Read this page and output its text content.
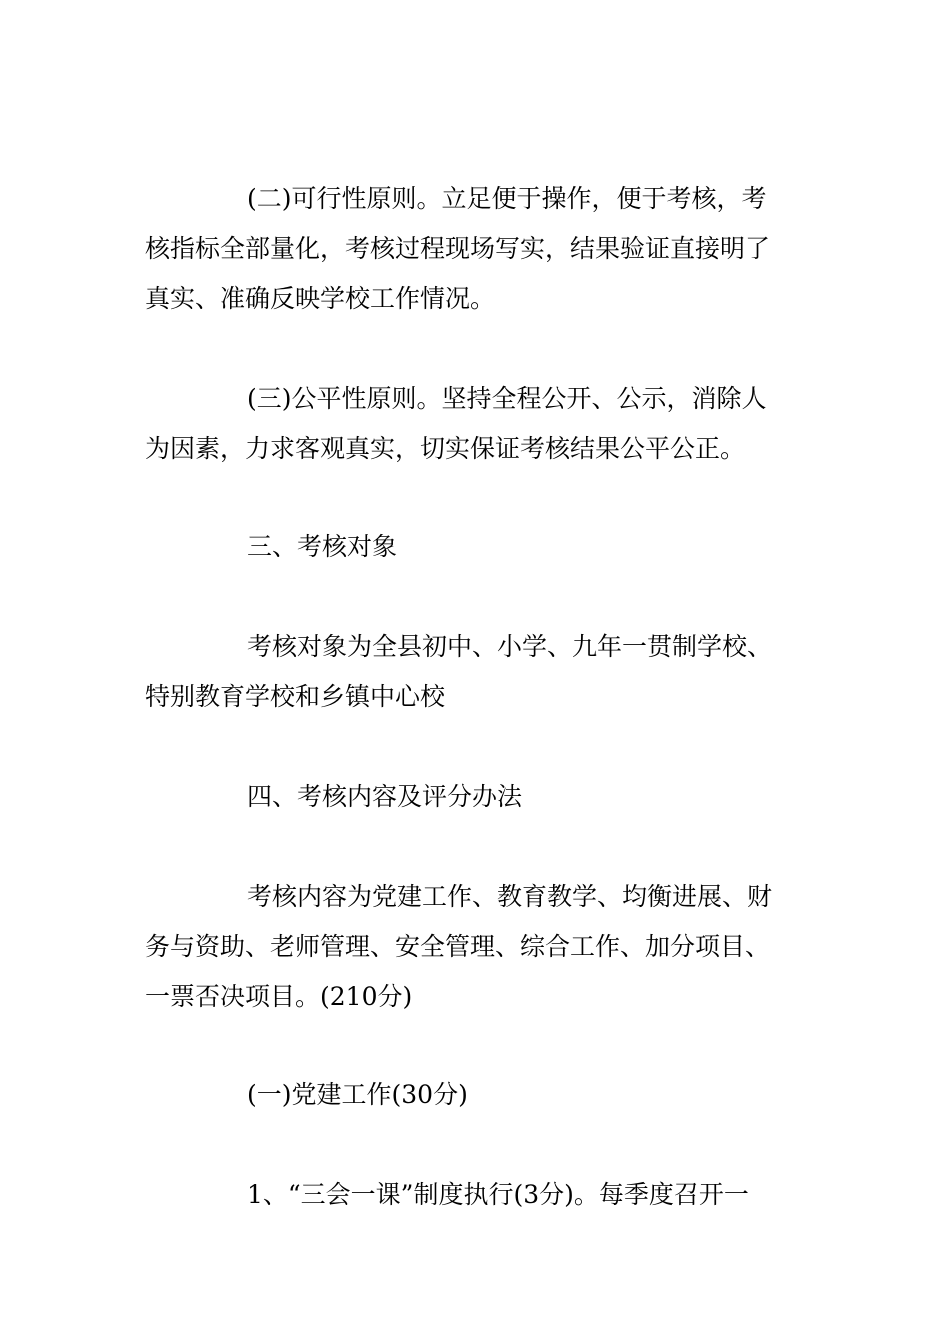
(二)可行性原则。立足便于操作，便于考核，考
核指标全部量化，考核过程现场写实，结果验证直接明了
真实、准确反映学校工作情况。
(三)公平性原则。坚持全程公开、公示，消除人
为因素，力求客观真实，切实保证考核结果公平公正。
三、考核对象
考核对象为全县初中、小学、九年一贯制学校、
特别教育学校和乡镇中心校
四、考核内容及评分办法
考核内容为党建工作、教育教学、均衡进展、财
务与资助、老师管理、安全管理、综合工作、加分项目、
一票否决项目。(210分)
(一)党建工作(30分)
1、“三会一课”制度执行(3分)。每季度召开一
